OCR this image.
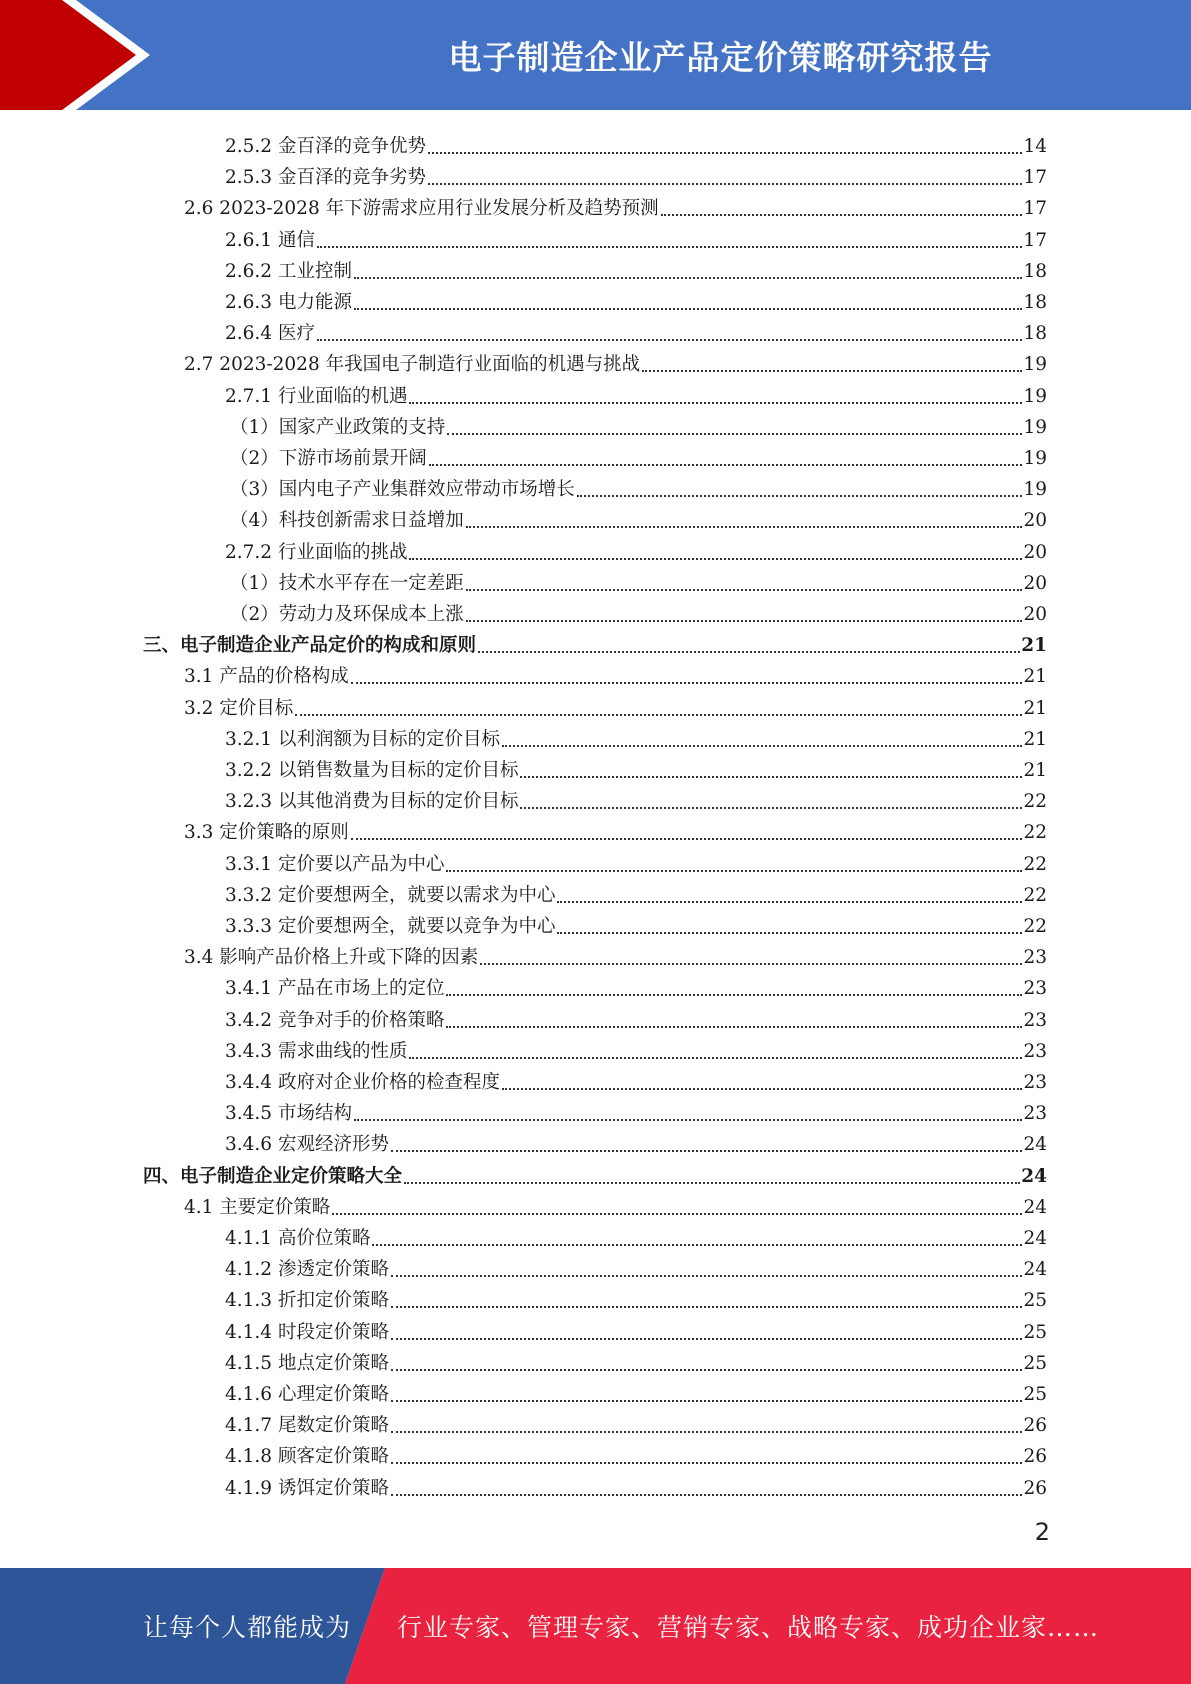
电子制造企业产品定价策略研究报告
2.5.2 金百泽的竞争优势	14
2.5.3 金百泽的竞争劣势	17
2.6 2023-2028 年下游需求应用行业发展分析及趋势预测	17
2.6.1 通信	17
2.6.2 工业控制	18
2.6.3 电力能源	18
2.6.4 医疗	18
2.7 2023-2028 年我国电子制造行业面临的机遇与挑战	19
2.7.1 行业面临的机遇	19
（1）国家产业政策的支持	19
（2）下游市场前景开阔	19
（3）国内电子产业集群效应带动市场增长	19
（4）科技创新需求日益增加	20
2.7.2 行业面临的挑战	20
（1）技术水平存在一定差距	20
（2）劳动力及环保成本上涨	20
三、电子制造企业产品定价的构成和原则	21
3.1 产品的价格构成	21
3.2 定价目标	21
3.2.1 以利润额为目标的定价目标	21
3.2.2 以销售数量为目标的定价目标	21
3.2.3 以其他消费为目标的定价目标	22
3.3 定价策略的原则	22
3.3.1 定价要以产品为中心	22
3.3.2 定价要想两全，就要以需求为中心	22
3.3.3 定价要想两全，就要以竞争为中心	22
3.4 影响产品价格上升或下降的因素	23
3.4.1 产品在市场上的定位	23
3.4.2 竞争对手的价格策略	23
3.4.3 需求曲线的性质	23
3.4.4 政府对企业价格的检查程度	23
3.4.5 市场结构	23
3.4.6 宏观经济形势	24
四、电子制造企业定价策略大全	24
4.1 主要定价策略	24
4.1.1 高价位策略	24
4.1.2 渗透定价策略	24
4.1.3 折扣定价策略	25
4.1.4 时段定价策略	25
4.1.5 地点定价策略	25
4.1.6 心理定价策略	25
4.1.7 尾数定价策略	26
4.1.8 顾客定价策略	26
4.1.9 诱饵定价策略	26
2
让每个人都能成为 行业专家、管理专家、营销专家、战略专家、成功企业家……
